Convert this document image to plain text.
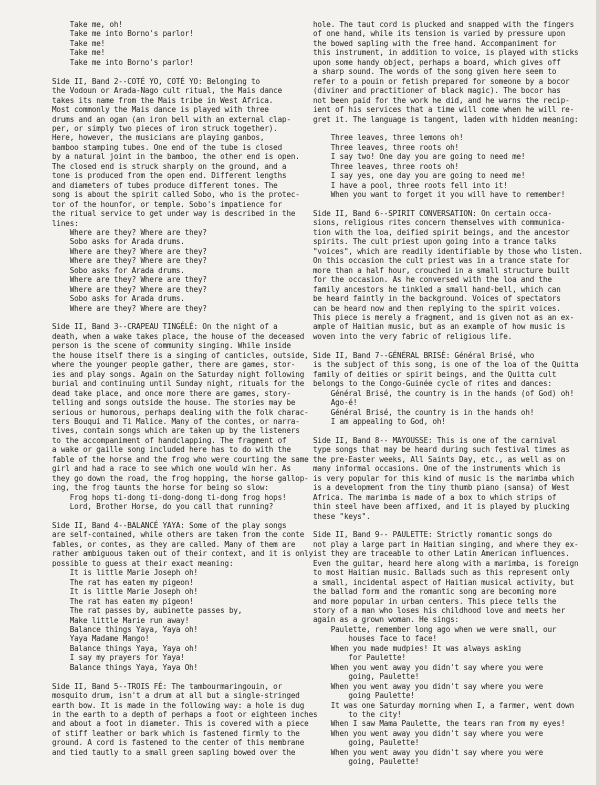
Take me, oh!
Take me into Borno's parlor!
Take me!
Take me!
Take me into Borno's parlor!
Side II, Band 2--COTÉ YO, COTÉ YO: Belonging to
the Vodoun or Arada-Nago cult ritual, the Mais dance
takes its name from the Mais tribe in West Africa.
Most commonly the Mais dance is played with three
drums and an ogan (an iron bell with an external clap-
per, or simply two pieces of iron struck together).
Here, however, the musicians are playing ganbos,
bamboo stamping tubes. One end of the tube is closed
by a natural joint in the bamboo, the other end is open.
The closed end is struck sharply on the ground, and a
tone is produced from the open end. Different lengths
and diameters of tubes produce different tones. The
song is about the spirit called Sobo, who is the protec-
tor of the hounfor, or temple. Sobo's impatience for
the ritual service to get under way is described in the
lines:
Where are they? Where are they?
Sobo asks for Arada drums.
Where are they? Where are they?
Where are they? Where are they?
Sobo asks for Arada drums.
Where are they? Where are they?
Where are they? Where are they?
Sobo asks for Arada drums.
Where are they? Where are they?
Side II, Band 3--CRAPEAU TINGÉLÉ: On the night of a
death, when a wake takes place, the house of the deceased
person is the scene of community singing. While inside
the house itself there is a singing of canticles, outside,
where the younger people gather, there are games, stor-
ies and play songs. Again on the Saturday night following
burial and continuing until Sunday night, rituals for the
dead take place, and once more there are games, story-
telling and songs outside the house. The stories may be
serious or humorous, perhaps dealing with the folk charac-
ters Bouqui and Ti Malice. Many of the contes, or narra-
tives, contain songs which are taken up by the listeners
to the accompaniment of handclapping. The fragment of
a wake or gaille song included here has to do with the
fable of the horse and the frog who were courting the same
girl and had a race to see which one would win her. As
they go down the road, the frog hopping, the horse gallop-
ing, the frog taunts the horse for being so slow:
Frog hops ti-dong ti-dong-dong ti-dong frog hops!
Lord, Brother Horse, do you call that running?
Side II, Band 4--BALANCÉ YAYA: Some of the play songs
are self-contained, while others are taken from the conte
fables, or contes, as they are called. Many of them are
rather ambiguous taken out of their context, and it is only
possible to guess at their exact meaning:
It is little Marie Joseph oh!
The rat has eaten my pigeon!
It is little Marie Joseph oh!
The rat has eaten my pigeon!
The rat passes by, aubinette passes by,
Make little Marie run away!
Balance things Yaya, Yaya oh!
Yaya Madame Mango!
Balance things Yaya, Yaya oh!
I say my prayers for Yaya!
Balance things Yaya, Yaya Oh!
Side II, Band 5--TROIS FÉ: The tambourmaringouin, or
mosquito drum, isn't a drum at all but a single-stringed
earth bow. It is made in the following way: a hole is dug
in the earth to a depth of perhaps a foot or eighteen inches
and about a foot in diameter. This is covered with a piece
of stiff leather or bark which is fastened firmly to the
ground. A cord is fastened to the center of this membrane
and tied tautly to a small green sapling bowed over the
hole. The taut cord is plucked and snapped with the fingers
of one hand, while its tension is varied by pressure upon
the bowed sapling with the free hand. Accompaniment for
this instrument, in addition to voice, is played with sticks
upon some handy object, perhaps a board, which gives off
a sharp sound. The words of the song given here seem to
refer to a pouin or fetish prepared for someone by a bocor
(diviner and practitioner of black magic). The bocor has
not been paid for the work he did, and he warns the recip-
ient of his services that a time will come when he will re-
gret it. The language is tangent, laden with hidden meaning:
Three leaves, three lemons oh!
Three leaves, three roots oh!
I say two! One day you are going to need me!
Three leaves, three roots oh!
I say yes, one day you are going to need me!
I have a pool, three roots fell into it!
When you want to forget it you will have to remember!
Side II, Band 6--SPIRIT CONVERSATION: On certain occa-
sions, religious rites concern themselves with communica-
tion with the loa, deified spirit beings, and the ancestor
spirits. The cult priest upon going into a trance talks
"voices", which are readily identifiable by those who listen.
On this occasion the cult priest was in a trance state for
more than a half hour, crouched in a small structure built
for the occasion. As he conversed with the loa and the
family ancestors he tinkled a small hand-bell, which can
be heard faintly in the background. Voices of spectators
can be heard now and then replying to the spirit voices.
This piece is merely a fragment, and is given not as an ex-
ample of Haitian music, but as an example of how music is
woven into the very fabric of religious life.
Side II, Band 7--GÉNÉRAL BRISÉ: Général Brisé, who
is the subject of this song, is one of the loa of the Quitta
family of deities or spirit beings, and the Quitta cult
belongs to the Congo-Guinée cycle of rites and dances:
Général Brisé, the country is in the hands (of God) oh!
Ago-é!
Général Brisé, the country is in the hands oh!
I am appealing to God, oh!
Side II, Band 8-- MAYOUSSE: This is one of the carnival
type songs that may be heard during such festival times as
the pre-Easter weeks, All Saints Day, etc., as well as on
many informal occasions. One of the instruments which is
is very popular for this kind of music is the marimba which
is a development from the tiny thumb piano (sansa) of West
Africa. The marimba is made of a box to which strips of
thin steel have been affixed, and it is played by plucking
these "keys".
Side II, Band 9-- PAULETTE: Strictly romantic songs do
not play a large part in Haitian singing, and where they ex-
ist they are traceable to other Latin American influences.
Even the guitar, heard here along with a marimba, is foreign
to most Haitian music. Ballads such as this represent only
a small, incidental aspect of Haitian musical activity, but
the ballad form and the romantic song are becoming more
and more popular in urban centers. This piece tells the
story of a man who loses his childhood love and meets her
again as a grown woman. He sings:
Paulette, remember long ago when we were small, our
houses face to face!
When you made mudpies! It was always asking
for Paulette!
When you went away you didn't say where you were
going, Paulette!
When you went away you didn't say where you were
going Paulette!
It was one Saturday morning when I, a farmer, went down
to the city!
When I saw Mama Paulette, the tears ran from my eyes!
When you went away you didn't say where you were
going, Paulette!
When you went away you didn't say where you were
going, Paulette!
